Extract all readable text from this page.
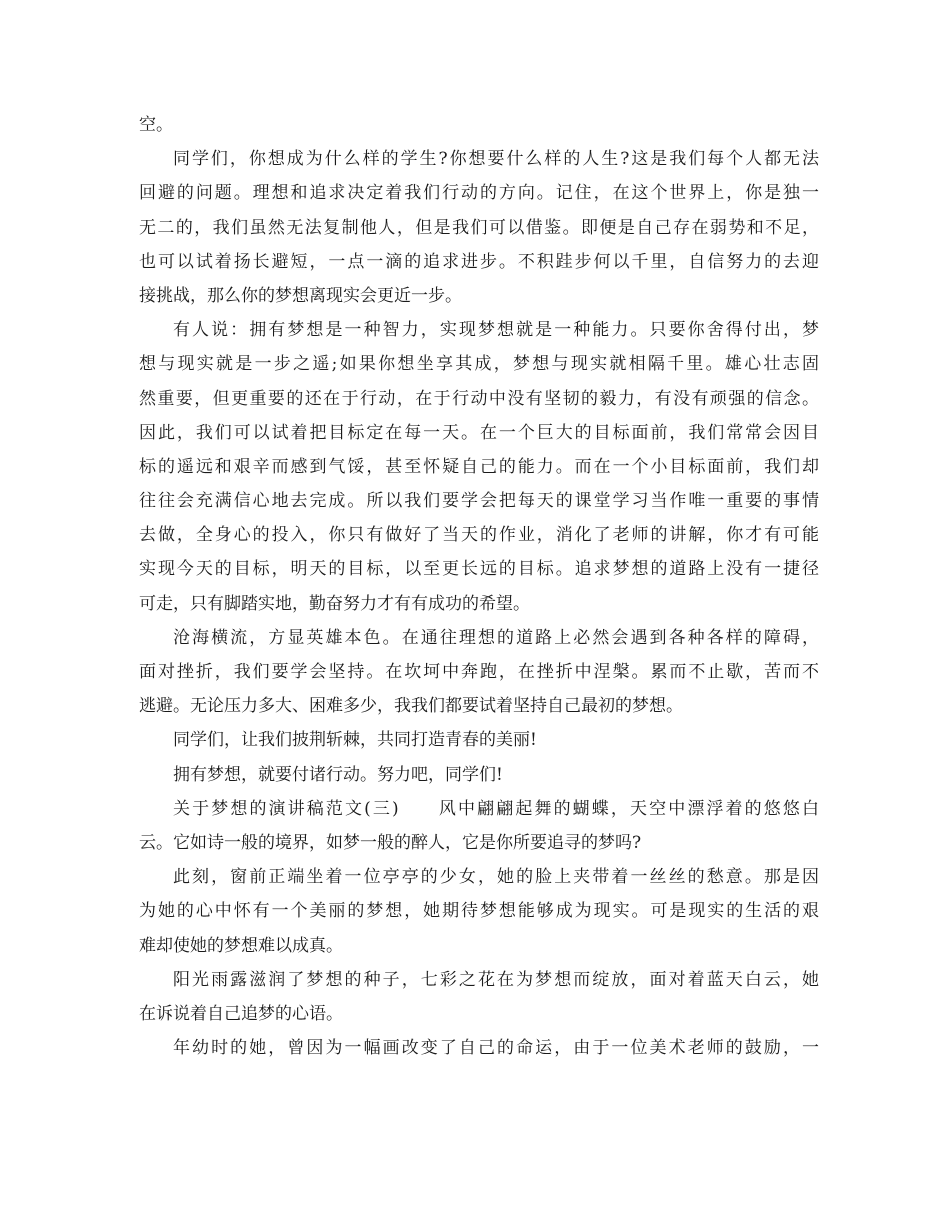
空。
同学们，你想成为什么样的学生?你想要什么样的人生?这是我们每个人都无法
回避的问题。理想和追求决定着我们行动的方向。记住，在这个世界上，你是独一
无二的，我们虽然无法复制他人，但是我们可以借鉴。即便是自己存在弱势和不足，
也可以试着扬长避短，一点一滴的追求进步。不积跬步何以千里，自信努力的去迎
接挑战，那么你的梦想离现实会更近一步。
有人说：拥有梦想是一种智力，实现梦想就是一种能力。只要你舍得付出，梦
想与现实就是一步之遥;如果你想坐享其成，梦想与现实就相隔千里。雄心壮志固
然重要，但更重要的还在于行动，在于行动中没有坚韧的毅力，有没有顽强的信念。
因此，我们可以试着把目标定在每一天。在一个巨大的目标面前，我们常常会因目
标的遥远和艰辛而感到气馁，甚至怀疑自己的能力。而在一个小目标面前，我们却
往往会充满信心地去完成。所以我们要学会把每天的课堂学习当作唯一重要的事情
去做，全身心的投入，你只有做好了当天的作业，消化了老师的讲解，你才有可能
实现今天的目标，明天的目标，以至更长远的目标。追求梦想的道路上没有一捷径
可走，只有脚踏实地，勤奋努力才有有成功的希望。
沧海横流，方显英雄本色。在通往理想的道路上必然会遇到各种各样的障碍，
面对挫折，我们要学会坚持。在坎坷中奔跑，在挫折中涅槃。累而不止歇，苦而不
逃避。无论压力多大、困难多少，我我们都要试着坚持自己最初的梦想。
同学们，让我们披荆斩棘，共同打造青春的美丽!
拥有梦想，就要付诸行动。努力吧，同学们!
关于梦想的演讲稿范文(三)　　风中翩翩起舞的蝴蝶，天空中漂浮着的悠悠白
云。它如诗一般的境界，如梦一般的醉人，它是你所要追寻的梦吗?
此刻，窗前正端坐着一位亭亭的少女，她的脸上夹带着一丝丝的愁意。那是因
为她的心中怀有一个美丽的梦想，她期待梦想能够成为现实。可是现实的生活的艰
难却使她的梦想难以成真。
阳光雨露滋润了梦想的种子，七彩之花在为梦想而绽放，面对着蓝天白云，她
在诉说着自己追梦的心语。
年幼时的她，曾因为一幅画改变了自己的命运，由于一位美术老师的鼓励，一
